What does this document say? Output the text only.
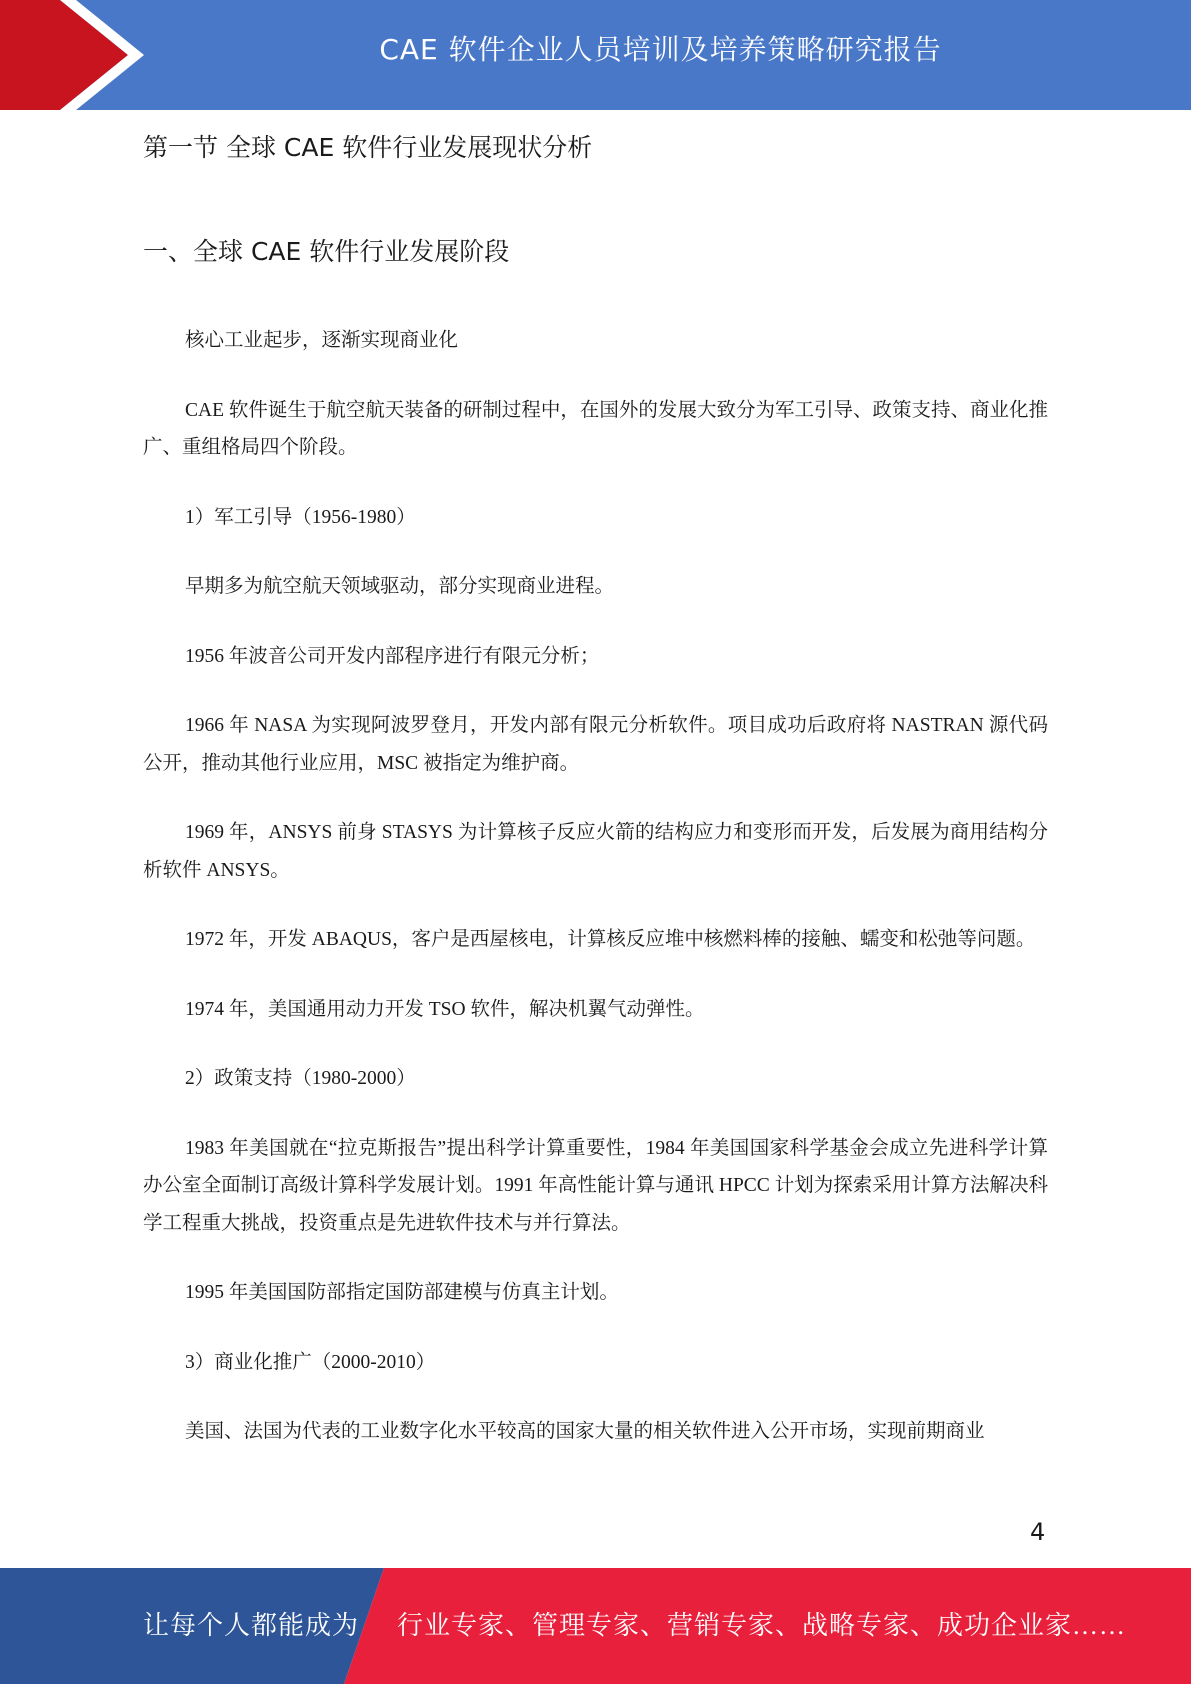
CAE 软件企业人员培训及培养策略研究报告
第一节 全球 CAE 软件行业发展现状分析
一、全球 CAE 软件行业发展阶段

核心工业起步，逐渐实现商业化

CAE 软件诞生于航空航天装备的研制过程中，在国外的发展大致分为军工引导、政策支持、商业化推广、重组格局四个阶段。

1）军工引导（1956-1980）

早期多为航空航天领域驱动，部分实现商业进程。

1956 年波音公司开发内部程序进行有限元分析；

1966 年 NASA 为实现阿波罗登月，开发内部有限元分析软件。项目成功后政府将 NASTRAN 源代码公开，推动其他行业应用，MSC 被指定为维护商。

1969 年，ANSYS 前身 STASYS 为计算核子反应火箭的结构应力和变形而开发，后发展为商用结构分析软件 ANSYS。

1972 年，开发 ABAQUS，客户是西屋核电，计算核反应堆中核燃料棒的接触、蠕变和松弛等问题。

1974 年，美国通用动力开发 TSO 软件，解决机翼气动弹性。

2）政策支持（1980-2000）

1983 年美国就在“拉克斯报告”提出科学计算重要性，1984 年美国国家科学基金会成立先进科学计算办公室全面制订高级计算科学发展计划。1991 年高性能计算与通讯 HPCC 计划为探索采用计算方法解决科学工程重大挑战，投资重点是先进软件技术与并行算法。

1995 年美国国防部指定国防部建模与仿真主计划。

3）商业化推广（2000-2010）

美国、法国为代表的工业数字化水平较高的国家大量的相关软件进入公开市场，实现前期商业

4
让每个人都能成为 行业专家、管理专家、营销专家、战略专家、成功企业家……
